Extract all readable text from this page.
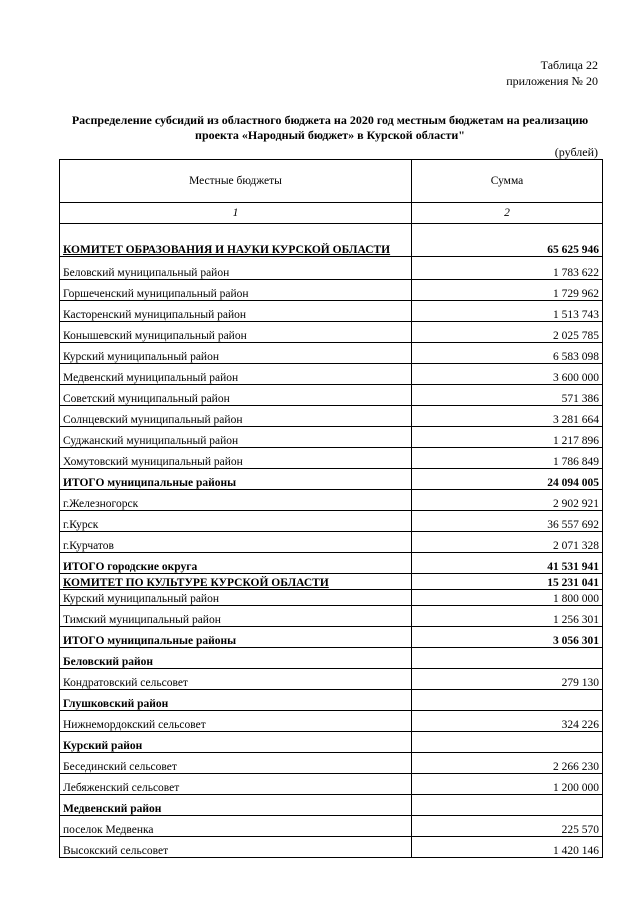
Таблица 22
приложения № 20
Распределение субсидий из областного бюджета на 2020 год местным бюджетам на реализацию
проекта «Народный бюджет» в Курской области"
(рублей)
Местные бюджеты	Сумма
1	2
КОМИТЕТ ОБРАЗОВАНИЯ И НАУКИ КУРСКОЙ ОБЛАСТИ	65 625 946
Беловский муниципальный район	1 783 622
Горшеченский муниципальный район	1 729 962
Касторенский муниципальный район	1 513 743
Конышевский муниципальный район	2 025 785
Курский муниципальный район	6 583 098
Медвенский муниципальный район	3 600 000
Советский муниципальный район	571 386
Солнцевский муниципальный район	3 281 664
Суджанский муниципальный район	1 217 896
Хомутовский муниципальный район	1 786 849
ИТОГО муниципальные районы	24 094 005
г.Железногорск	2 902 921
г.Курск	36 557 692
г.Курчатов	2 071 328
ИТОГО городские округа	41 531 941
КОМИТЕТ ПО КУЛЬТУРЕ КУРСКОЙ ОБЛАСТИ	15 231 041
Курский муниципальный район	1 800 000
Тимский муниципальный район	1 256 301
ИТОГО муниципальные районы	3 056 301
Беловский район	
Кондратовский сельсовет	279 130
Глушковский район	
Нижнемордокский сельсовет	324 226
Курский район	
Бесединский сельсовет	2 266 230
Лебяженский сельсовет	1 200 000
Медвенский район	
поселок Медвенка	225 570
Высокский сельсовет	1 420 146
